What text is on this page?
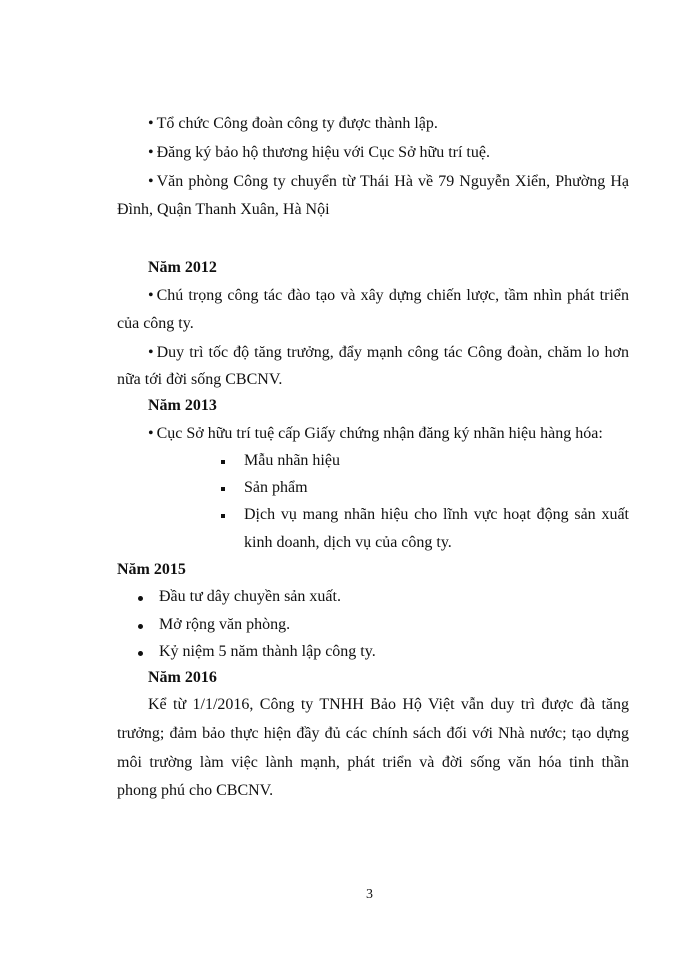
• Tổ chức Công đoàn công ty được thành lập.
• Đăng ký bảo hộ thương hiệu với Cục Sở hữu trí tuệ.
• Văn phòng Công ty chuyển từ Thái Hà về 79 Nguyễn Xiển, Phường Hạ
Đình, Quận Thanh Xuân, Hà Nội
Năm 2012
• Chú trọng công tác đào tạo và xây dựng chiến lược, tầm nhìn phát triển
của công ty.
• Duy trì tốc độ tăng trưởng, đẩy mạnh công tác Công đoàn, chăm lo hơn
nữa tới đời sống CBCNV.
Năm 2013
• Cục Sở hữu trí tuệ cấp Giấy chứng nhận đăng ký nhãn hiệu hàng hóa:
Mẫu nhãn hiệu
Sản phẩm
Dịch vụ mang nhãn hiệu cho lĩnh vực hoạt động sản xuất
kinh doanh, dịch vụ của công ty.
Năm 2015
Đầu tư dây chuyền sản xuất.
Mở rộng văn phòng.
Kỷ niệm 5 năm thành lập công ty.
Năm 2016
Kể từ 1/1/2016, Công ty TNHH Bảo Hộ Việt vẫn duy trì được đà tăng
trưởng; đảm bảo thực hiện đầy đủ các chính sách đối với Nhà nước; tạo dựng
môi trường làm việc lành mạnh, phát triển và đời sống văn hóa tinh thần
phong phú cho CBCNV.
3
